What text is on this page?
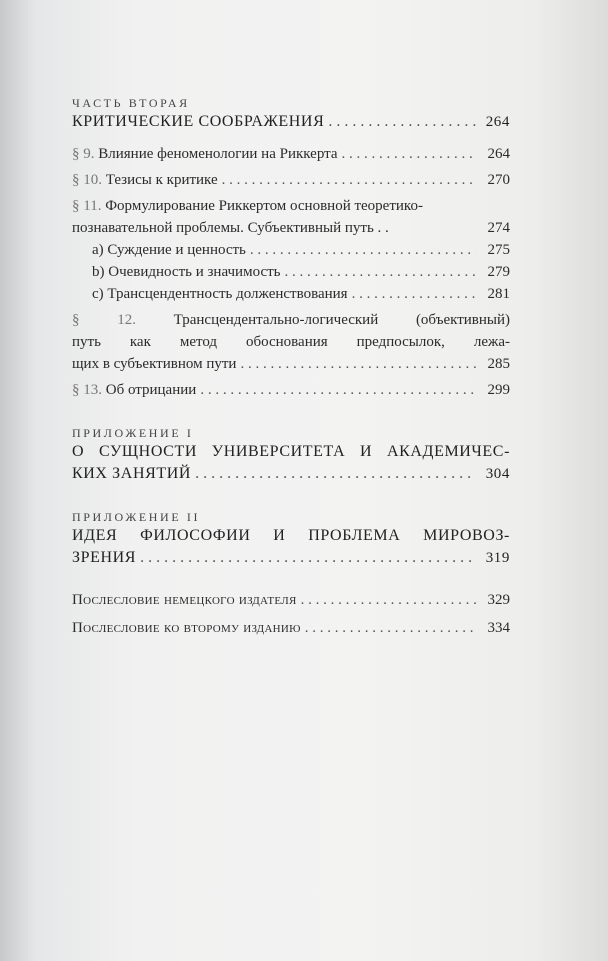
ЧАСТЬ ВТОРАЯ
КРИТИЧЕСКИЕ СООБРАЖЕНИЯ . . .	264
§ 9. Влияние феноменологии на Риккерта . . .	264
§ 10. Тезисы к критике . . .	270
§ 11. Формулирование Риккертом основной теоретико-
познавательной проблемы. Субъективный путь . .	274
a) Суждение и ценность . . .	275
b) Очевидность и значимость . . .	279
c) Трансцендентность долженствования . . .	281
§ 12. Трансцендентально-логический (объективный)
путь как метод обоснования предпосылок, лежа-
щих в субъективном пути . . .	285
§ 13. Об отрицании . . .	299
ПРИЛОЖЕНИЕ I
О СУЩНОСТИ УНИВЕРСИТЕТА И АКАДЕМИЧЕС-
КИХ ЗАНЯТИЙ . . .	304
ПРИЛОЖЕНИЕ II
ИДЕЯ ФИЛОСОФИИ И ПРОБЛЕМА МИРОВОЗ-
ЗРЕНИЯ . . .	319
Послесловие немецкого издателя . . .	329
Послесловие ко второму изданию . . .	334
